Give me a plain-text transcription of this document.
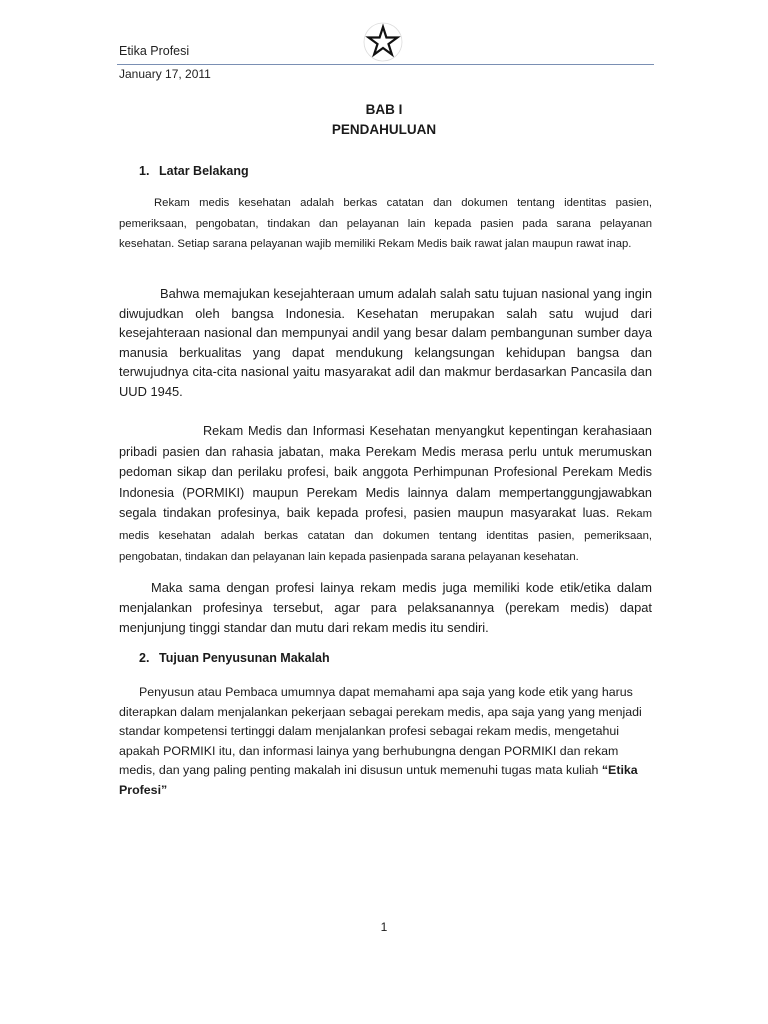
Etika Profesi
January 17, 2011
BAB I
PENDAHULUAN
1. Latar Belakang
Rekam medis kesehatan adalah berkas catatan dan dokumen tentang identitas pasien, pemeriksaan, pengobatan, tindakan dan pelayanan lain kepada pasien pada sarana pelayanan kesehatan. Setiap sarana pelayanan wajib memiliki Rekam Medis baik rawat jalan maupun rawat inap.
Bahwa memajukan kesejahteraan umum adalah salah satu tujuan nasional yang ingin diwujudkan oleh bangsa Indonesia. Kesehatan merupakan salah satu wujud dari kesejahteraan nasional dan mempunyai andil yang besar dalam pembangunan sumber daya manusia berkualitas yang dapat mendukung kelangsungan kehidupan bangsa dan terwujudnya cita-cita nasional yaitu masyarakat adil dan makmur berdasarkan Pancasila dan UUD 1945.
Rekam Medis dan Informasi Kesehatan menyangkut kepentingan kerahasiaan pribadi pasien dan rahasia jabatan, maka Perekam Medis merasa perlu untuk merumuskan pedoman sikap dan perilaku profesi, baik anggota Perhimpunan Profesional Perekam Medis Indonesia (PORMIKI) maupun Perekam Medis lainnya dalam mempertanggungjawabkan segala tindakan profesinya, baik kepada profesi, pasien maupun masyarakat luas. Rekam medis kesehatan adalah berkas catatan dan dokumen tentang identitas pasien, pemeriksaan, pengobatan, tindakan dan pelayanan lain kepada pasienpada sarana pelayanan kesehatan.
Maka sama dengan profesi lainya rekam medis juga memiliki kode etik/etika dalam menjalankan profesinya tersebut, agar para pelaksanannya (perekam medis) dapat menjunjung tinggi standar dan mutu dari rekam medis itu sendiri.
2. Tujuan Penyusunan Makalah
Penyusun atau Pembaca umumnya dapat memahami apa saja yang kode etik yang harus diterapkan dalam menjalankan pekerjaan sebagai perekam medis, apa saja yang yang menjadi standar kompetensi tertinggi dalam menjalankan profesi sebagai rekam medis, mengetahui apakah PORMIKI itu, dan informasi lainya yang berhubungna dengan PORMIKI dan rekam medis, dan yang paling penting makalah ini disusun untuk memenuhi tugas mata kuliah “Etika Profesi”
1
